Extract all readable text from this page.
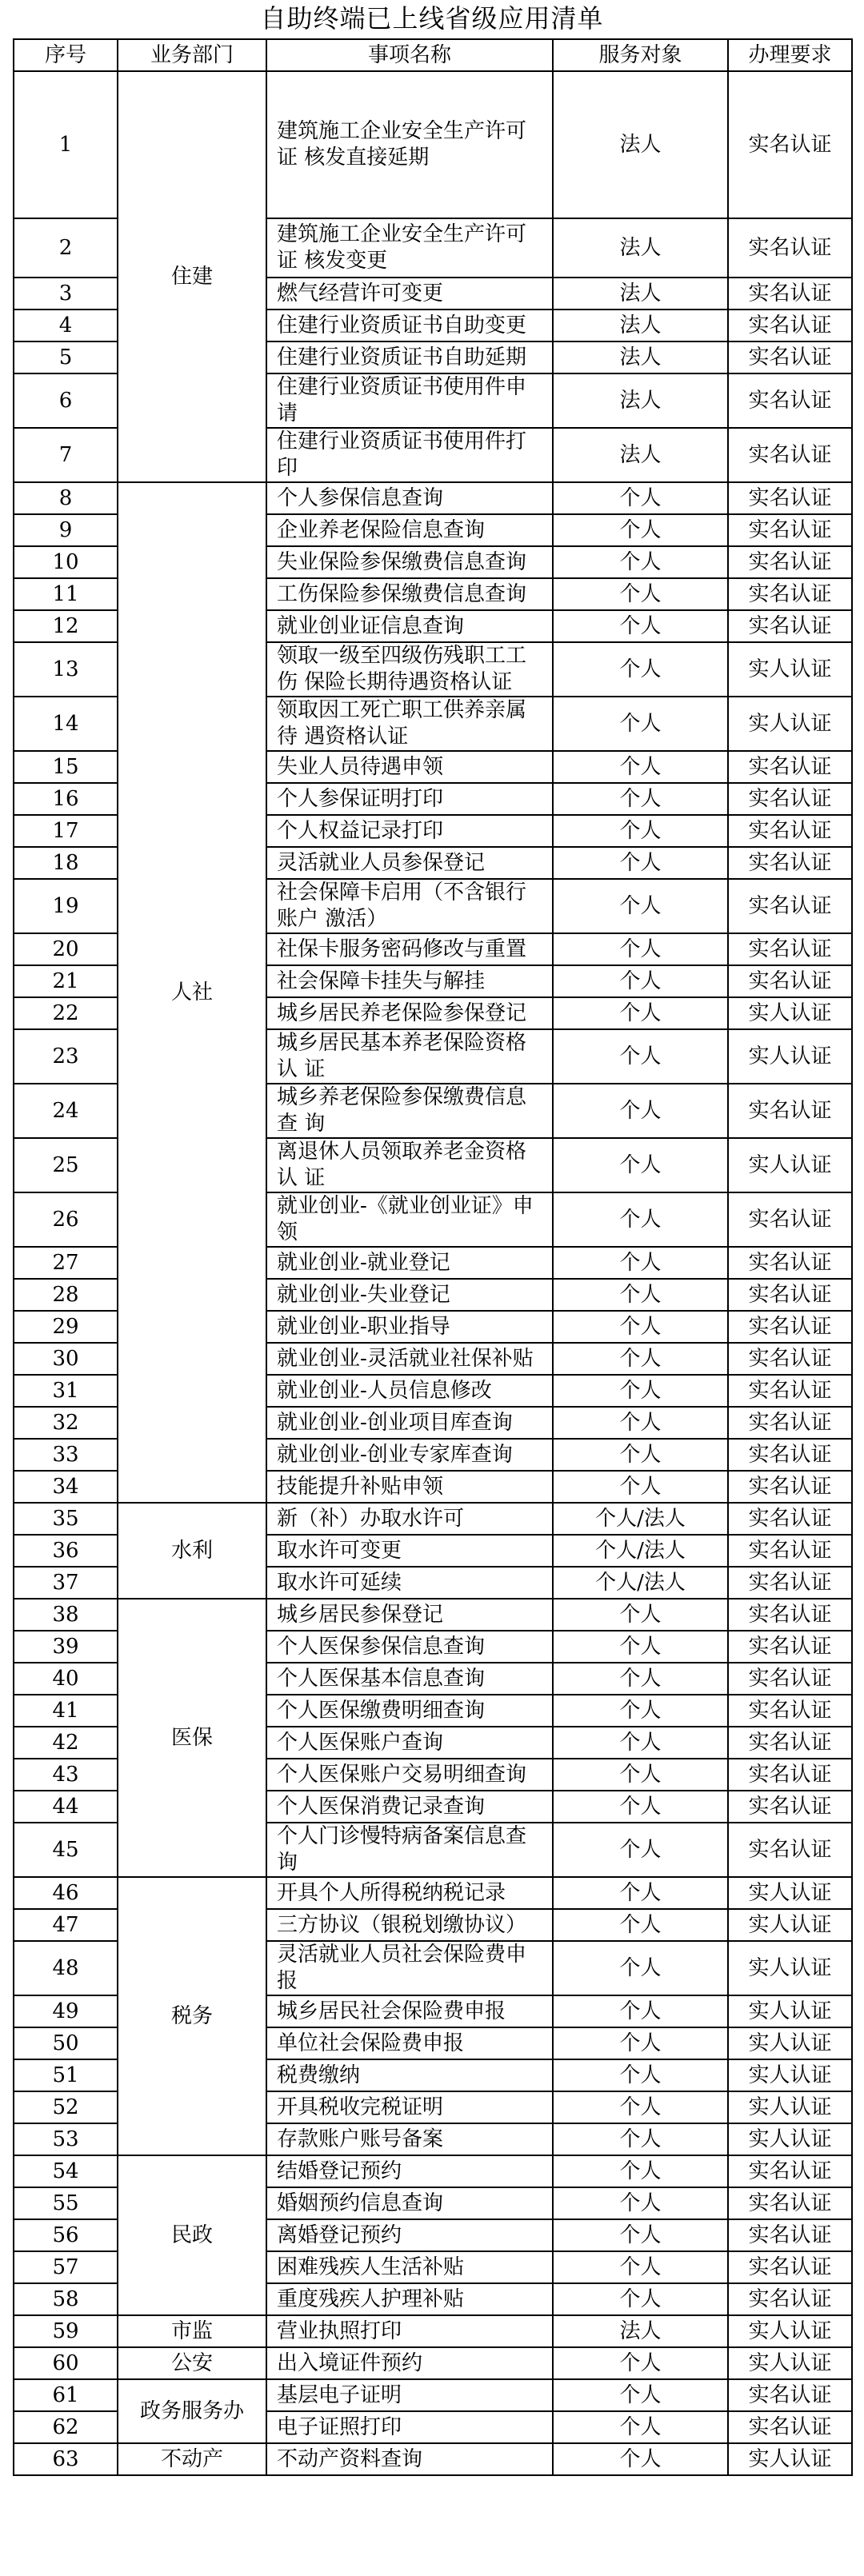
自助终端已上线省级应用清单
序号	业务部门	事项名称	服务对象	办理要求
1	住建	建筑施工企业安全生产许可证 核发直接延期	法人	实名认证
2		建筑施工企业安全生产许可证 核发变更	法人	实名认证
3		燃气经营许可变更	法人	实名认证
4		住建行业资质证书自助变更	法人	实名认证
5		住建行业资质证书自助延期	法人	实名认证
6		住建行业资质证书使用件申请	法人	实名认证
7		住建行业资质证书使用件打印	法人	实名认证
8	人社	个人参保信息查询	个人	实名认证
9		企业养老保险信息查询	个人	实名认证
10		失业保险参保缴费信息查询	个人	实名认证
11		工伤保险参保缴费信息查询	个人	实名认证
12		就业创业证信息查询	个人	实名认证
13		领取一级至四级伤残职工工伤 保险长期待遇资格认证	个人	实人认证
14		领取因工死亡职工供养亲属待 遇资格认证	个人	实人认证
15		失业人员待遇申领	个人	实名认证
16		个人参保证明打印	个人	实名认证
17		个人权益记录打印	个人	实名认证
18		灵活就业人员参保登记	个人	实名认证
19		社会保障卡启用（不含银行账户 激活）	个人	实名认证
20		社保卡服务密码修改与重置	个人	实名认证
21		社会保障卡挂失与解挂	个人	实名认证
22		城乡居民养老保险参保登记	个人	实人认证
23		城乡居民基本养老保险资格认 证	个人	实人认证
24		城乡养老保险参保缴费信息查 询	个人	实名认证
25		离退休人员领取养老金资格认 证	个人	实人认证
26		就业创业-《就业创业证》申领	个人	实名认证
27		就业创业-就业登记	个人	实名认证
28		就业创业-失业登记	个人	实名认证
29		就业创业-职业指导	个人	实名认证
30		就业创业-灵活就业社保补贴	个人	实名认证
31		就业创业-人员信息修改	个人	实名认证
32		就业创业-创业项目库查询	个人	实名认证
33		就业创业-创业专家库查询	个人	实名认证
34		技能提升补贴申领	个人	实名认证
35	水利	新（补）办取水许可	个人/法人	实名认证
36		取水许可变更	个人/法人	实名认证
37		取水许可延续	个人/法人	实名认证
38	医保	城乡居民参保登记	个人	实名认证
39		个人医保参保信息查询	个人	实名认证
40		个人医保基本信息查询	个人	实名认证
41		个人医保缴费明细查询	个人	实名认证
42		个人医保账户查询	个人	实名认证
43		个人医保账户交易明细查询	个人	实名认证
44		个人医保消费记录查询	个人	实名认证
45		个人门诊慢特病备案信息查询	个人	实名认证
46	税务	开具个人所得税纳税记录	个人	实人认证
47		三方协议（银税划缴协议）	个人	实人认证
48		灵活就业人员社会保险费申报	个人	实人认证
49		城乡居民社会保险费申报	个人	实人认证
50		单位社会保险费申报	个人	实人认证
51		税费缴纳	个人	实人认证
52		开具税收完税证明	个人	实人认证
53		存款账户账号备案	个人	实人认证
54	民政	结婚登记预约	个人	实名认证
55		婚姻预约信息查询	个人	实名认证
56		离婚登记预约	个人	实名认证
57		困难残疾人生活补贴	个人	实名认证
58		重度残疾人护理补贴	个人	实名认证
59	市监	营业执照打印	法人	实人认证
60	公安	出入境证件预约	个人	实人认证
61	政务服务办	基层电子证明	个人	实名认证
62		电子证照打印	个人	实名认证
63	不动产	不动产资料查询	个人	实人认证
